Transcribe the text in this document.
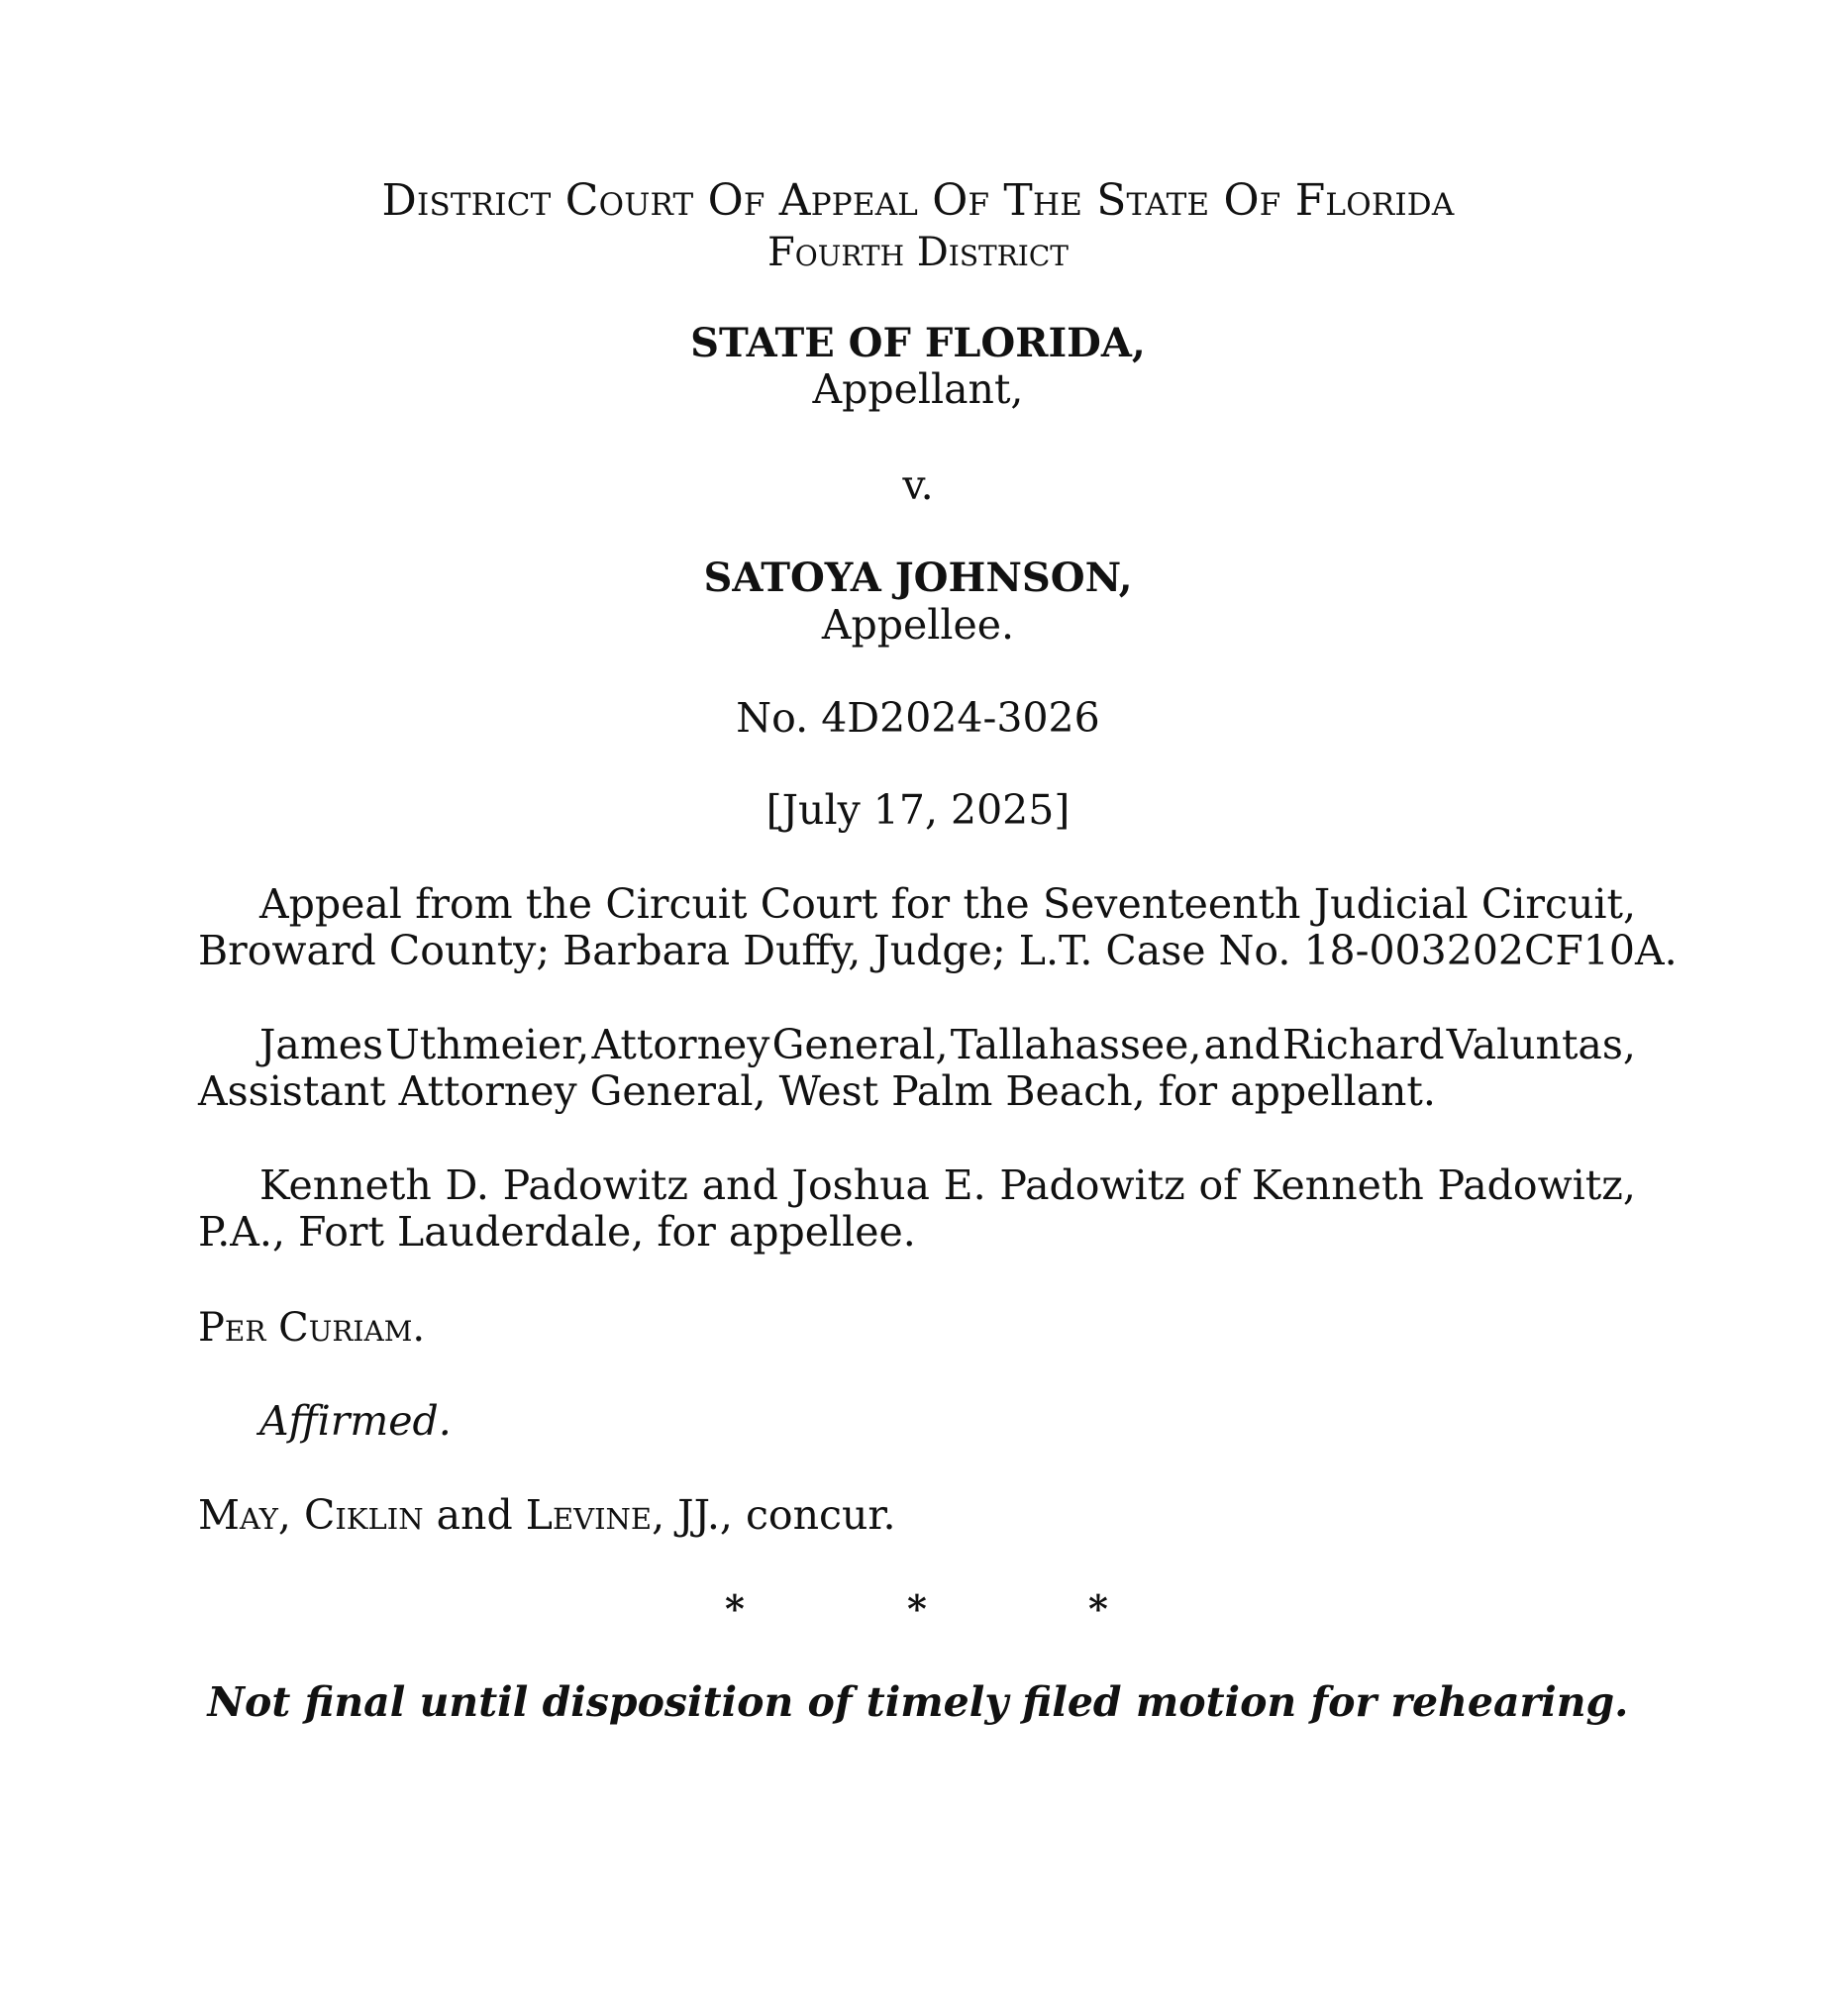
District Court Of Appeal Of The State Of Florida
Fourth District
STATE OF FLORIDA,
Appellant,
v.
SATOYA JOHNSON,
Appellee.
No. 4D2024-3026
[July 17, 2025]
Appeal from the Circuit Court for the Seventeenth Judicial Circuit,
Broward County; Barbara Duffy, Judge; L.T. Case No. 18-003202CF10A.
James Uthmeier, Attorney General, Tallahassee, and Richard Valuntas,
Assistant Attorney General, West Palm Beach, for appellant.
Kenneth D. Padowitz and Joshua E. Padowitz of Kenneth Padowitz,
P.A., Fort Lauderdale, for appellee.
Per Curiam.
Affirmed.
May, Ciklin and Levine, JJ., concur.
*	*	*
Not final until disposition of timely filed motion for rehearing.
